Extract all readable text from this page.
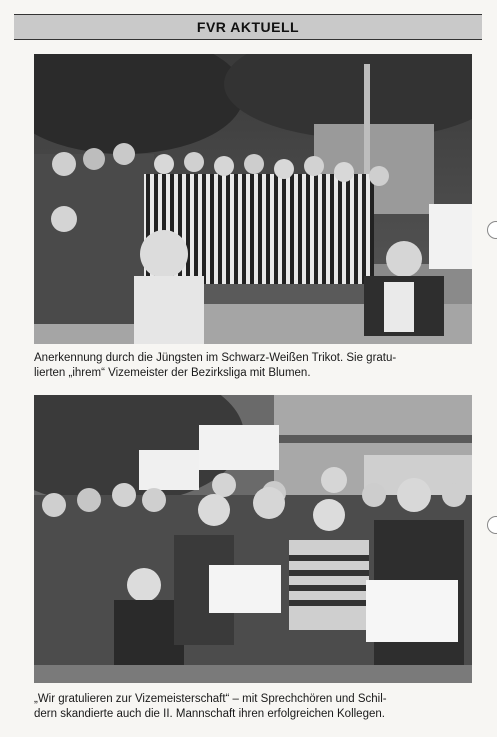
FVR AKTUELL
Anerkennung durch die Jüngsten im Schwarz-Weißen Trikot. Sie gratu-
lierten „ihrem“ Vizemeister der Bezirksliga mit Blumen.
„Wir gratulieren zur Vizemeisterschaft“ – mit Sprechchören und Schil-
dern skandierte auch die II. Mannschaft ihren erfolgreichen Kollegen.
